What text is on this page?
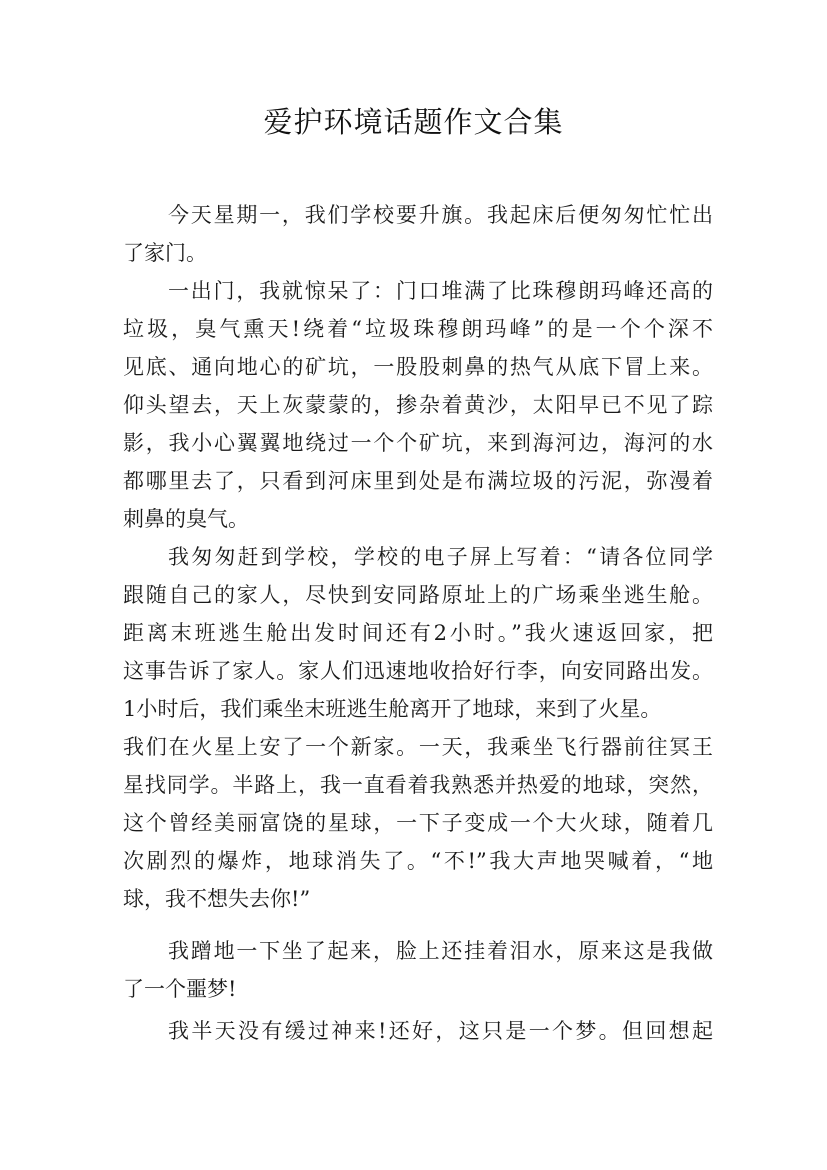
爱护环境话题作文合集
今天星期一，我们学校要升旗。我起床后便匆匆忙忙出
了家门。
一出门，我就惊呆了：门口堆满了比珠穆朗玛峰还高的
垃圾，臭气熏天!绕着“垃圾珠穆朗玛峰”的是一个个深不
见底、通向地心的矿坑，一股股刺鼻的热气从底下冒上来。
仰头望去，天上灰蒙蒙的，掺杂着黄沙，太阳早已不见了踪
影，我小心翼翼地绕过一个个矿坑，来到海河边，海河的水
都哪里去了，只看到河床里到处是布满垃圾的污泥，弥漫着
刺鼻的臭气。
我匆匆赶到学校，学校的电子屏上写着：“请各位同学
跟随自己的家人，尽快到安同路原址上的广场乘坐逃生舱。
距离末班逃生舱出发时间还有2小时。”我火速返回家，把
这事告诉了家人。家人们迅速地收拾好行李，向安同路出发。
1小时后，我们乘坐末班逃生舱离开了地球，来到了火星。
我们在火星上安了一个新家。一天，我乘坐飞行器前往冥王
星找同学。半路上，我一直看着我熟悉并热爱的地球，突然，
这个曾经美丽富饶的星球，一下子变成一个大火球，随着几
次剧烈的爆炸，地球消失了。“不!”我大声地哭喊着，“地
球，我不想失去你!”
我蹭地一下坐了起来，脸上还挂着泪水，原来这是我做
了一个噩梦!
我半天没有缓过神来!还好，这只是一个梦。但回想起
